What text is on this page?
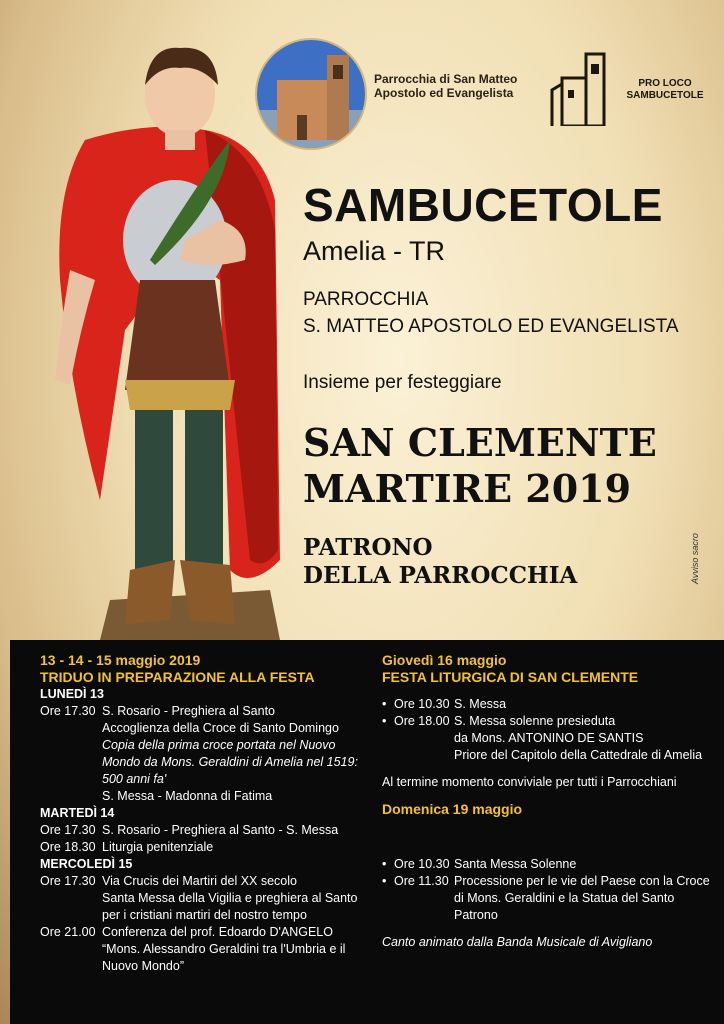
Parrocchia di San Matteo Apostolo ed Evangelista
PRO LOCO SAMBUCETOLE
SAMBUCETOLE
Amelia - TR
PARROCCHIA
S. MATTEO APOSTOLO ED EVANGELISTA
Insieme per festeggiare
SAN CLEMENTE
MARTIRE 2019
PATRONO
DELLA PARROCCHIA	Avviso sacro
13 - 14 - 15 maggio 2019
TRIDUO IN PREPARAZIONE ALLA FESTA
LUNEDÌ 13
Ore 17.30 S. Rosario - Preghiera al Santo
Accoglienza della Croce di Santo Domingo
Copia della prima croce portata nel Nuovo Mondo da Mons. Geraldini di Amelia nel 1519: 500 anni fa'
S. Messa - Madonna di Fatima
MARTEDÌ 14
Ore 17.30 S. Rosario - Preghiera al Santo - S. Messa
Ore 18.30 Liturgia penitenziale
MERCOLEDÌ 15
Ore 17.30 Via Crucis dei Martiri del XX secolo
Santa Messa della Vigilia e preghiera al Santo per i cristiani martiri del nostro tempo
Ore 21.00 Conferenza del prof. Edoardo D'ANGELO
“Mons. Alessandro Geraldini tra l'Umbria e il Nuovo Mondo”
Giovedì 16 maggio
FESTA LITURGICA DI SAN CLEMENTE
• Ore 10.30 S. Messa
• Ore 18.00 S. Messa solenne presieduta
da Mons. ANTONINO DE SANTIS
Priore del Capitolo della Cattedrale di Amelia
Al termine momento conviviale per tutti i Parrocchiani
Domenica 19 maggio
• Ore 10.30 Santa Messa Solenne
• Ore 11.30 Processione per le vie del Paese con la Croce di Mons. Geraldini e la Statua del Santo Patrono
Canto animato dalla Banda Musicale di Avigliano
